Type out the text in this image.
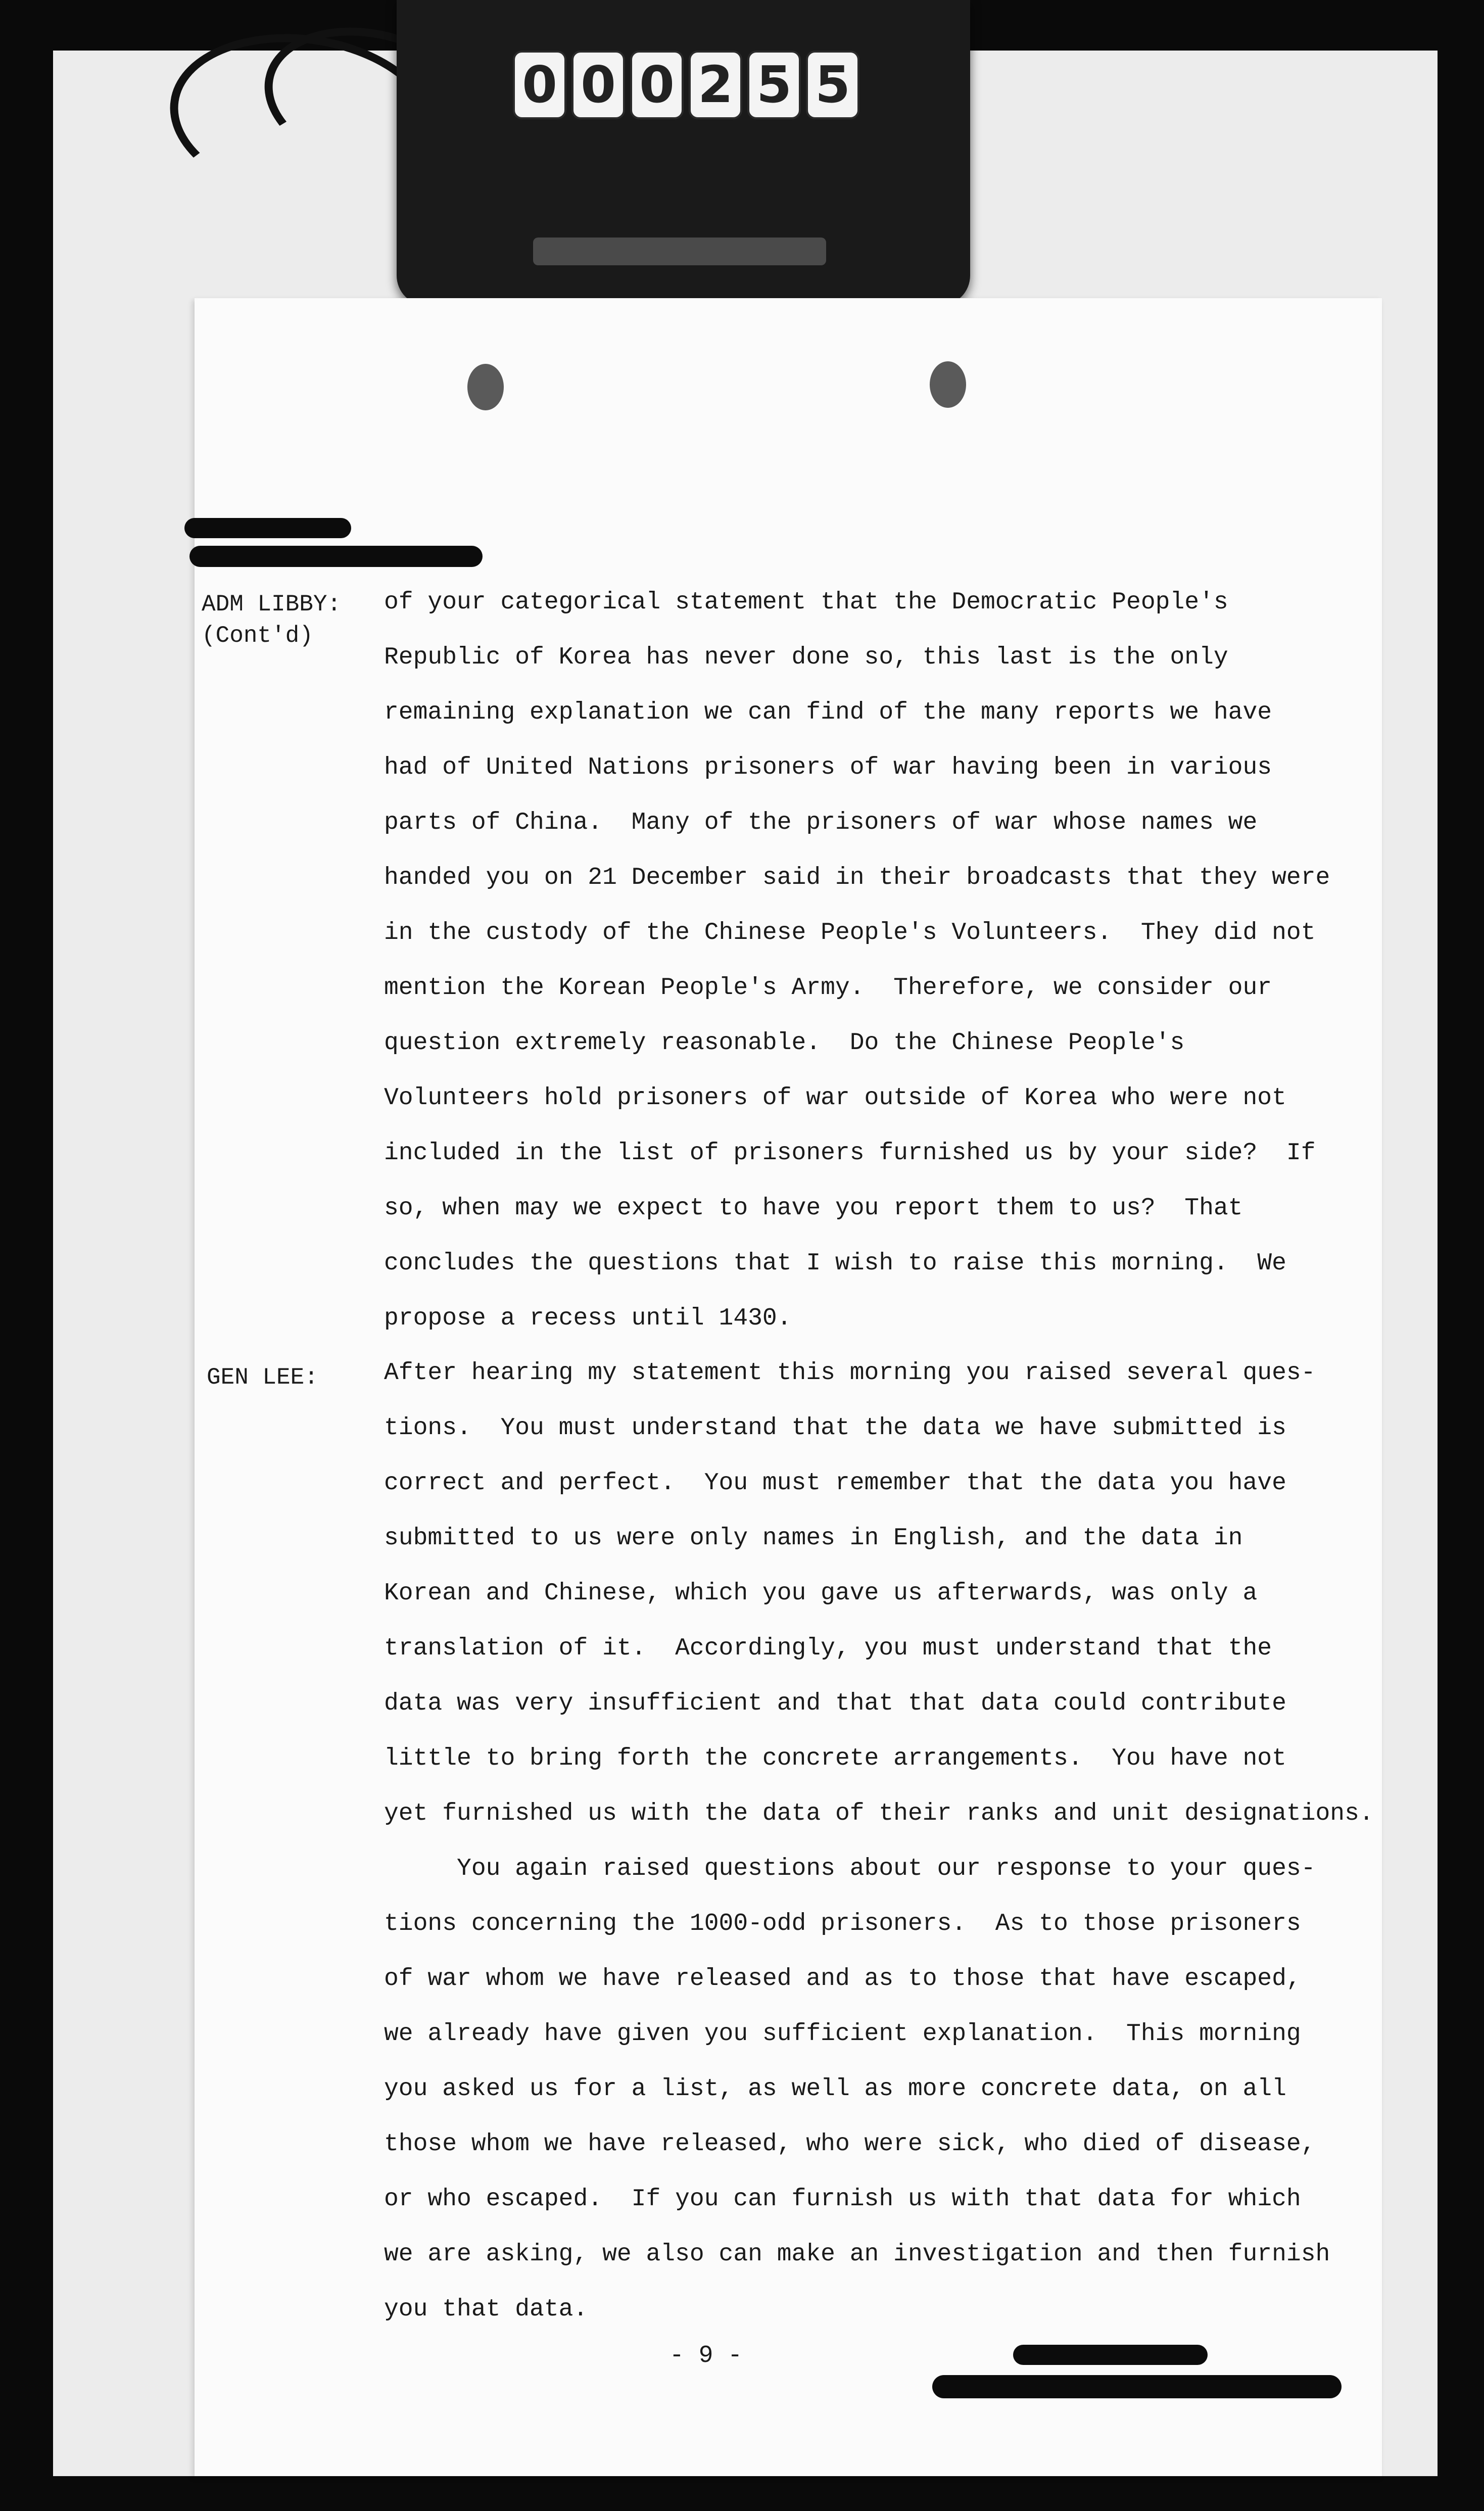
0 0 0 2 5 5
ADM LIBBY:
(Cont'd)
of your categorical statement that the Democratic People's
Republic of Korea has never done so, this last is the only
remaining explanation we can find of the many reports we have
had of United Nations prisoners of war having been in various
parts of China.  Many of the prisoners of war whose names we
handed you on 21 December said in their broadcasts that they were
in the custody of the Chinese People's Volunteers.  They did not
mention the Korean People's Army.  Therefore, we consider our
question extremely reasonable.  Do the Chinese People's
Volunteers hold prisoners of war outside of Korea who were not
included in the list of prisoners furnished us by your side?  If
so, when may we expect to have you report them to us?  That
concludes the questions that I wish to raise this morning.  We
propose a recess until 1430.
GEN LEE:	After hearing my statement this morning you raised several ques-
tions.  You must understand that the data we have submitted is
correct and perfect.  You must remember that the data you have
submitted to us were only names in English, and the data in
Korean and Chinese, which you gave us afterwards, was only a
translation of it.  Accordingly, you must understand that the
data was very insufficient and that that data could contribute
little to bring forth the concrete arrangements.  You have not
yet furnished us with the data of their ranks and unit designations.
You again raised questions about our response to your ques-
tions concerning the 1000-odd prisoners.  As to those prisoners
of war whom we have released and as to those that have escaped,
we already have given you sufficient explanation.  This morning
you asked us for a list, as well as more concrete data, on all
those whom we have released, who were sick, who died of disease,
or who escaped.  If you can furnish us with that data for which
we are asking, we also can make an investigation and then furnish
you that data.
- 9 -
